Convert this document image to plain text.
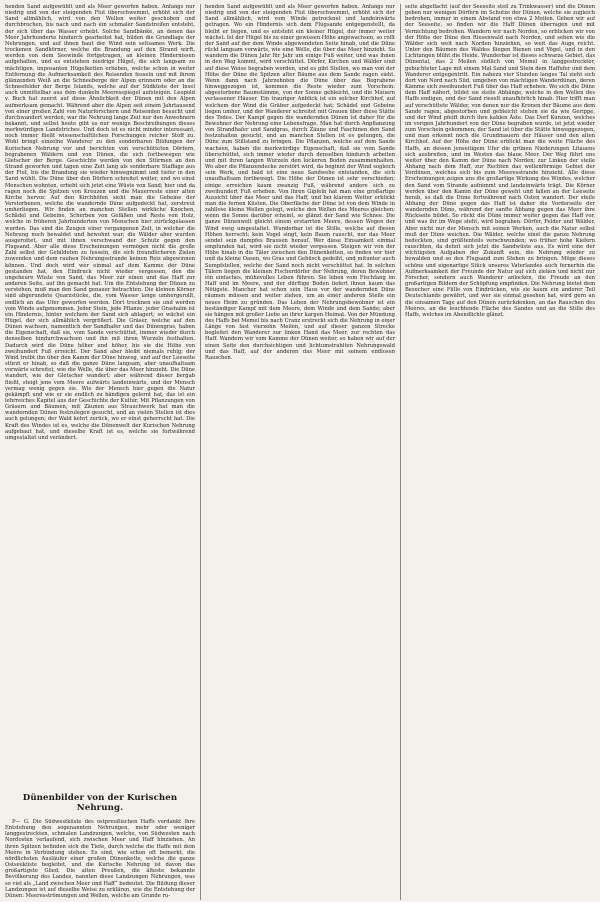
henden Sand aufgewühlt und als Meer geworfen haben. Anfangs nur niedrig und von der steigenden Flut überschwemmt, erhöht sich der Sand allmählich, wird von den Wellen weiter geschoben und durchbrochen, bis nach und nach ein schmaler Sandstreifen entsteht, der sich über das Wasser erhebt. Solche Sandbänke, an denen das Meer Jahrhunderte hindurch gearbeitet hat, bilden die Grundlage der Nehrungen, und auf ihnen baut der Wind sein seltsames Werk. Die trockenen Sandkörner, welche die Brandung auf den Strand wirft, werden von dem Seewinde fortgetragen, an kleinen Hindernissen aufgehalten, und es entstehen niedrige Hügel, die sich langsam zu mächtigen, imposanten Hügelketten erheben, welche schon in weiter Entfernung die Aufmerksamkeit des Reisenden fesseln und mit ihrem glänzenden Weiß an die Schneeberge der Alpen erinnern oder an die Schneefelder der Berge Islands, welche auf der Südküste der Insel auch unmittelbar aus dem dunkeln Meeresspiegel aufsteigen. Leopold v. Buch hat zuerst auf diese Ähnlichkeit der Dünen mit den Alpen aufmerksam gemacht. Während aber die Alpen seit einem Jahrtausend von einer großen Zahl von Naturforschern und Reisenden besucht und durchwandert werden, war die Nehrung lange Zeit nur den Anwohnern bekannt, und selbst heute gibt es nur wenige Beschreibungen dieses merkwürdigen Landstriches. Und doch ist es nicht minder interessant, noch immer fließt wissenschaftlichen Forschungen reicher Stoff zu. Wohl bringt einzelne Wanderer zu den sonderbaren Bildungen der Kurischen Nehrung vor und berichten von verschütteten Dörfern, begrabenen Wäldern und von Dünen, die sich fortbewegen wie Gletscher der Berge. Geschichte werden von den Stürmen an den Strand geworfen und tagen eine Zeit lang als sonderbare Staffage aus der Flut, bis die Brandung sie wieder hinwegnimmt und tiefer in den Sand wühlt. Die Düne über den Dörfern schreitet weiter, und wo einst Menschen wohnten, erhebt sich jetzt eine Wüste von Sand; hier und da ragen noch die Spitzen von Kreuzen und die Mauerreste einer alten Kirche hervor. Auf den Kirchhöfen sieht man die Gebeine der Verstorbenen, welche die wandernde Düne aufgedeckt hat, zerstreut umherliegen. Wir finden an manchen Stellen wirkliche Knochen, Schädel und Gebeine, Scherben von Gefäßen und Reste von Holz, welche in früheren Jahrhunderten von Menschen hier zurückgelassen wurden. Das sind die Zeugen einer vergangenen Zeit, in welcher die Nehrung noch bewaldet und bewohnt war; die Wälder aber wurden ausgerottet, und mit ihnen verschwand der Schutz gegen den Flugsand. Aber alle diese Erscheinungen vermögen nicht die große Zahl selbst der Gebildeten zu fesseln, die sich freundlicheren Zielen zuwenden und dem rauhen Nehrungsstrande keinen Reiz abgewinnen können. Und doch wird wer einmal auf dem Kamme der Düne gestanden hat, den Eindruck nicht wieder vergessen, den die ungeheure Wüste von Sand, das Meer zur einen und das Haff zur anderen Seite, auf ihn gemacht hat. Um die Entstehung der Dünen zu verstehen, muß man den Sand genauer betrachten. Die kleinen Körner sind abgerundete Quarzstücke, die, vom Wasser lange umhergerollt, endlich an das Ufer geworfen werden. Dort trocknen sie und werden vom Winde aufgenommen. Jeder Stein, jede Pflanze, jeder Grashalm ist ein Hindernis, hinter welchem der Sand sich ablagert; so wächst ein Hügel, der sich allmählich vergrößert. Die Gräser, welche auf den Dünen wachsen, namentlich der Sandhafer und das Dünengras, haben die Eigenschaft, daß sie, vom Sande verschüttet, immer wieder durch denselben hindurchwachsen und ihn mit ihren Wurzeln festhalten. Dadurch wird die Düne höher und höher, bis sie die Höhe von zweihundert Fuß erreicht. Der Sand aber bleibt niemals ruhig; der Wind treibt ihn über den Kamm der Düne hinweg, und auf der Leeseite stürzt er hinab, so daß die ganze Düne langsam, aber unaufhaltsam vorwärts schreitet, wie die Welle, die über das Meer hinzieht. Die Düne wandert, wie der Gletscher wandert; aber während dieser bergab fließt, steigt jene vom Meere aufwärts landeinwärts, und der Mensch vermag wenig gegen sie. Wie der Mensch hier gegen die Natur gekämpft und wie er sie endlich zu bändigen gelernt hat, das ist ein lehrreiches Kapitel aus der Geschichte der Kultur. Mit Pflanzungen von Gräsern und Bäumen, mit Zäunen aus Strauchwerk hat man die wandernden Dünen festzulegen gesucht, und an vielen Stellen ist dies auch gelungen; der Wald kehrt zurück, wo er einst geherrscht hat. Die Kraft des Windes ist es, welche die Dünenwelt der Kurischen Nehrung aufgebaut hat, und dieselbe Kraft ist es, welche sie fortwährend umgestaltet und verändert.

Dünenbilder von der Kurischen Nehrung.

P— G. Die Südwestküste des ostpreußischen Haffs verdankt ihre Entstehung den sogenannten Nehrungen, mehr oder weniger langgestreckten, schmalen Landzungen, welche, von Südwesten nach Nordosten verlaufend, sich zwischen Meer und Haff hinziehen. An ihren Spitzen befinden sich die Tiefe, durch welche die Haffe mit dem Meere in Verbindung stehen. Es sind, wie schon oft bemerkt, die nördlichsten Ausläufer einer großen Dünenkette, welche die ganze Ostseeküste begleitet, und die Kurische Nehrung ist davon das großartigste Glied. Die alten Preußen, die älteste bekannte Bevölkerung des Landes, nannten diese Landzungen Nehrungen, was so viel als „Land zwischen Meer und Haff“ bedeutet. Die Bildung dieser Landzungen ist auf dieselbe Weise zu erklären, wie die Entstehung der Dünen: Meeresströmungen und Wellen, welche am Grunde ru-

henden Sand aufgewühlt und als Meer geworfen haben. Anfangs nur niedrig und von der steigenden Flut überschwemmt, erhöht sich der Sand allmählich, wird vom Winde getrocknet und landeinwärts getragen. Wo ein Hindernis sich dem Flugsande entgegenstellt, da bleibt er liegen, und es entsteht ein kleiner Hügel, der immer weiter wächst. Ist der Hügel bis zu einer gewissen Höhe angewachsen, so rollt der Sand auf der dem Winde abgewendeten Seite hinab, und die Düne rückt langsam vorwärts, wie eine Welle, die über das Meer hinzieht. So wandern die Dünen Jahr für Jahr um einige Fuß weiter, und was ihnen in den Weg kommt, wird verschüttet. Dörfer, Kirchen und Wälder sind auf diese Weise begraben worden, und es gibt Stellen, wo man von der Höhe der Düne die Spitzen alter Bäume aus dem Sande ragen sieht. Wenn dann nach Jahrzehnten die Düne über das Begrabene hinweggezogen ist, kommen die Reste wieder zum Vorschein: abgestorbene Baumstämme, von der Sonne gebleicht, und die Mauern verlassener Häuser. Ein trauriger Anblick ist ein solcher Kirchhof, auf welchem der Wind die Gräber aufgedeckt hat; Schädel und Gebeine liegen umher, und der Wanderer schreitet mit Grauen über diese Stätte des Todes. Der Kampf gegen die wandernden Dünen ist daher für die Bewohner der Nehrung eine Lebensfrage. Man hat durch Anpflanzung von Strandhafer und Sandgras, durch Zäune und Faschinen den Sand festzuhalten gesucht, und an manchen Stellen ist es gelungen, die Düne zum Stillstand zu bringen. Die Pflanzen, welche auf dem Sande wachsen, haben die merkwürdige Eigenschaft, daß sie vom Sande überschüttet, sich immer wieder durch denselben hindurch arbeiten und mit ihren langen Wurzeln den lockeren Boden zusammenhalten. Wo aber die Pflanzendecke zerstört wird, da beginnt der Wind sogleich sein Werk, und bald ist eine neue Sandwehe entstanden, die sich unaufhaltsam fortbewegt. Die Höhe der Dünen ist sehr verschieden; einige erreichen kaum zwanzig Fuß, während andere sich zu zweihundert Fuß erheben. Von ihren Gipfeln hat man eine großartige Aussicht über das Meer und das Haff, und bei klarem Wetter erblickt man die fernen Küsten. Die Oberfläche der Düne ist von dem Winde in zahllose kleine Wellen gelegt, welche den Wellen des Meeres gleichen; wenn die Sonne darüber scheint, so glänzt der Sand wie Schnee. Die ganze Dünenwelt gleicht einem erstarrten Meere, dessen Wogen der Wind ewig umgestaltet. Wunderbar ist die Stille, welche auf diesen Höhen herrscht; kein Vogel singt, kein Baum rauscht, nur das Meer sendet sein dumpfes Brausen herauf. Wer diese Einsamkeit einmal empfunden hat, wird sie nicht wieder vergessen. Steigen wir von der Höhe hinab in die Täler zwischen den Dünenketten, so finden wir hier und da kleine Oasen, wo Gras und Gebüsch gedeiht, und mitunter auch Sumpfstellen, welche der Sand noch nicht verschüttet hat. In solchen Tälern liegen die kleinen Fischerdörfer der Nehrung, deren Bewohner ein einfaches, mühevolles Leben führen. Sie leben vom Fischfang im Haff und im Meere, und der dürftige Boden liefert ihnen kaum das Nötigste. Mancher hat schon sein Haus vor der wandernden Düne räumen müssen und weiter ziehen, um an einer anderen Stelle ein neues Heim zu gründen. Das Leben der Nehrungsbewohner ist ein beständiger Kampf mit dem Meere, dem Winde und dem Sande; aber sie hängen mit großer Liebe an ihrer kargen Heimat. Von der Mündung des Haffs bei Memel bis nach Cranz erstreckt sich die Nehrung in einer Länge von fast vierzehn Meilen, und auf dieser ganzen Strecke begleitet den Wanderer zur linken Hand das Meer, zur rechten das Haff. Wandern wir vom Kamme der Dünen weiter, so haben wir auf der einen Seite den durchsichtigen und lichtumstrahlten Nehrungswald und das Haff, auf der anderen das Meer mit seinem endlosen Rauschen.

seite abgeflacht (auf der Seeseite steil zu Trinkwasser) und die Dünen geben nur wenigen Dörfern im Schutze der Dünen, welche sie zugleich bedrohen, immer in einem Abstand von etwa 2 Meilen. Gehen wir auf der Seeseite, so finden wir die Haff Dünen überragen und mit Vernichtung bedrohen. Wandern wir nach Norden, so erblicken wir von der Höhe der Düne den Riesenwald nach Norden, und sehen wie die Wälder sich weit nach Norden hinziehen, so weit das Auge reicht. Unter den Bäumen des Waldes fliegen Bienen und Vögel, und in den Lichtungen blüht die Heide. Wunderbar ist dieses schwarze Gebiet, das Dünental, das 2 Meilen südlich von Memel in langgestreckter, gebuchteter Lage mit einem Mal Sand und Stein dem Haffufer und dem Wanderer entgegentritt. Ein nahezu vier Stunden langes Tal zieht sich dort von Nord nach Süd, umgeben von mächtigen Wanderdünen, deren Kämme sich zweihundert Fuß über das Haff erheben. Wo sich die Düne dem Haff nähert, bildet sie steile Abhänge, welche in den Wellen des Haffs endigen, und der Sand rieselt unaufhörlich hinab. Hier trifft man auf verschüttete Wälder, von denen nur die Kronen der Bäume aus dem Sande ragen; abgestorben und gebleicht stehen sie da wie Gerippe, und der Wind pfeift durch ihre kahlen Äste. Das Dorf Kunzen, welches im vorigen Jahrhundert von der Düne begraben wurde, ist jetzt wieder zum Vorschein gekommen; der Sand ist über die Stätte hinweggezogen, und man erkennt noch die Grundmauern der Häuser und den alten Kirchhof. Auf der Höhe der Düne erblickt man die weite Fläche des Haffs, an dessen jenseitigem Ufer die grünen Niederungen Litauens sich ausbreiten, und im Westen das blaue Meer. Der Weg führt uns weiter über den Kamm der Düne nach Norden; zur Linken der steile Abhang nach dem Haff, zur Rechten das wellenförmige Gebiet der Vordünen, welches sich bis zum Meeresstrande hinzieht. Alle diese Erscheinungen zeigen uns die großartige Wirkung des Windes, welcher den Sand vom Strande aufnimmt und landeinwärts trägt. Die Körner werden über den Kamm der Düne geweht und fallen an der Leeseite herab, so daß die Düne fortwährend nach Osten wandert. Der steile Abhang der Düne gegen das Haff ist daher die Vorderseite der wandernden Düne, während der sanfte Abhang gegen das Meer ihre Rückseite bildet. So rückt die Düne immer weiter gegen das Haff vor, und was ihr im Wege steht, wird begraben: Dörfer, Felder und Wälder. Aber nicht nur der Mensch mit seinen Werken, auch die Natur selbst muß der Düne weichen. Die Wälder, welche einst die ganze Nehrung bedeckten, sind größtenteils verschwunden; wo früher hohe Kiefern rauschten, da dehnt sich jetzt die Sandwüste aus. Es wird eine der wichtigsten Aufgaben der Zukunft sein, die Nehrung wieder zu bewalden und so den Flugsand zum Stehen zu bringen. Möge dieses schöne und eigenartige Stück unseres Vaterlandes auch fernerhin die Aufmerksamkeit der Freunde der Natur auf sich ziehen und nicht nur Forscher, sondern auch Wanderer anlocken, die Freude an den großartigen Bildern der Schöpfung empfinden. Die Nehrung bietet dem Besucher eine Fülle von Eindrücken, wie sie kaum ein anderer Teil Deutschlands gewährt, und wer sie einmal gesehen hat, wird gern an die einsamen Tage auf den Dünen zurückdenken, an das Rauschen des Meeres, an die leuchtende Fläche des Sandes und an die Stille des Haffs, welches im Abendlichte glänzt.
